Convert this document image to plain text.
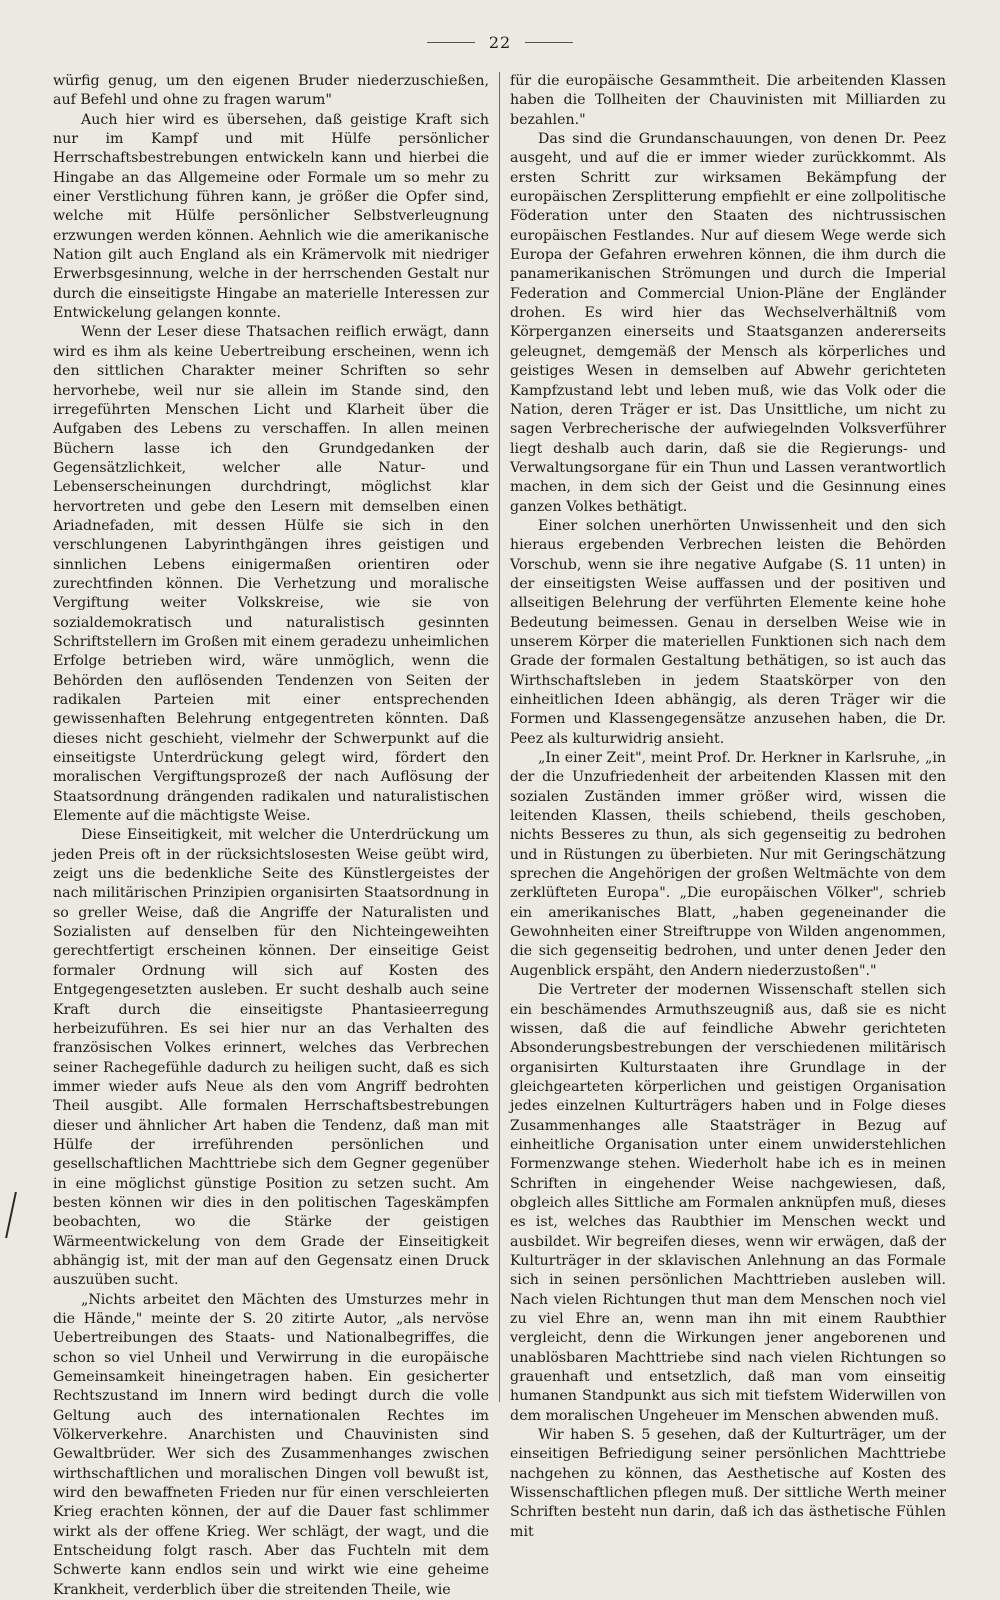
22

würfig genug, um den eigenen Bruder niederzuschießen, auf Befehl und ohne zu fragen warum"

Auch hier wird es übersehen, daß geistige Kraft sich nur im Kampf und mit Hülfe persönlicher Herrschaftsbestrebungen entwickeln kann und hierbei die Hingabe an das Allgemeine oder Formale um so mehr zu einer Verstlichung führen kann, je größer die Opfer sind, welche mit Hülfe persönlicher Selbstverleugnung erzwungen werden können. Aehnlich wie die amerikanische Nation gilt auch England als ein Krämervolk mit niedriger Erwerbsgesinnung, welche in der herrschenden Gestalt nur durch die einseitigste Hingabe an materielle Interessen zur Entwickelung gelangen konnte.

Wenn der Leser diese Thatsachen reiflich erwägt, dann wird es ihm als keine Uebertreibung erscheinen, wenn ich den sittlichen Charakter meiner Schriften so sehr hervorhebe, weil nur sie allein im Stande sind, den irregeführten Menschen Licht und Klarheit über die Aufgaben des Lebens zu verschaffen. In allen meinen Büchern lasse ich den Grundgedanken der Gegensätzlichkeit, welcher alle Natur- und Lebenserscheinungen durchdringt, möglichst klar hervortreten und gebe den Lesern mit demselben einen Ariadnefaden, mit dessen Hülfe sie sich in den verschlungenen Labyrinthgängen ihres geistigen und sinnlichen Lebens einigermaßen orientiren oder zurechtfinden können. Die Verhetzung und moralische Vergiftung weiter Volkskreise, wie sie von sozialdemokratisch und naturalistisch gesinnten Schriftstellern im Großen mit einem geradezu unheimlichen Erfolge betrieben wird, wäre unmöglich, wenn die Behörden den auflösenden Tendenzen von Seiten der radikalen Parteien mit einer entsprechenden gewissenhaften Belehrung entgegentreten könnten. Daß dieses nicht geschieht, vielmehr der Schwerpunkt auf die einseitigste Unterdrückung gelegt wird, fördert den moralischen Vergiftungsprozeß der nach Auflösung der Staatsordnung drängenden radikalen und naturalistischen Elemente auf die mächtigste Weise.

Diese Einseitigkeit, mit welcher die Unterdrückung um jeden Preis oft in der rücksichtslosesten Weise geübt wird, zeigt uns die bedenkliche Seite des Künstlergeistes der nach militärischen Prinzipien organisirten Staatsordnung in so greller Weise, daß die Angriffe der Naturalisten und Sozialisten auf denselben für den Nichteingeweihten gerechtfertigt erscheinen können. Der einseitige Geist formaler Ordnung will sich auf Kosten des Entgegengesetzten ausleben. Er sucht deshalb auch seine Kraft durch die einseitigste Phantasieerregung herbeizuführen. Es sei hier nur an das Verhalten des französischen Volkes erinnert, welches das Verbrechen seiner Rachegefühle dadurch zu heiligen sucht, daß es sich immer wieder aufs Neue als den vom Angriff bedrohten Theil ausgibt. Alle formalen Herrschaftsbestrebungen dieser und ähnlicher Art haben die Tendenz, daß man mit Hülfe der irreführenden persönlichen und gesellschaftlichen Machttriebe sich dem Gegner gegenüber in eine möglichst günstige Position zu setzen sucht. Am besten können wir dies in den politischen Tageskämpfen beobachten, wo die Stärke der geistigen Wärmeentwickelung von dem Grade der Einseitigkeit abhängig ist, mit der man auf den Gegensatz einen Druck auszuüben sucht.

„Nichts arbeitet den Mächten des Umsturzes mehr in die Hände," meinte der S. 20 zitirte Autor, „als nervöse Uebertreibungen des Staats- und Nationalbegriffes, die schon so viel Unheil und Verwirrung in die europäische Gemeinsamkeit hineingetragen haben. Ein gesicherter Rechtszustand im Innern wird bedingt durch die volle Geltung auch des internationalen Rechtes im Völkerverkehre. Anarchisten und Chauvinisten sind Gewaltbrüder. Wer sich des Zusammenhanges zwischen wirthschaftlichen und moralischen Dingen voll bewußt ist, wird den bewaffneten Frieden nur für einen verschleierten Krieg erachten können, der auf die Dauer fast schlimmer wirkt als der offene Krieg. Wer schlägt, der wagt, und die Entscheidung folgt rasch. Aber das Fuchteln mit dem Schwerte kann endlos sein und wirkt wie eine geheime Krankheit, verderblich über die streitenden Theile, wie

für die europäische Gesammtheit. Die arbeitenden Klassen haben die Tollheiten der Chauvinisten mit Milliarden zu bezahlen."

Das sind die Grundanschauungen, von denen Dr. Peez ausgeht, und auf die er immer wieder zurückkommt. Als ersten Schritt zur wirksamen Bekämpfung der europäischen Zersplitterung empfiehlt er eine zollpolitische Föderation unter den Staaten des nichtrussischen europäischen Festlandes. Nur auf diesem Wege werde sich Europa der Gefahren erwehren können, die ihm durch die panamerikanischen Strömungen und durch die Imperial Federation and Commercial Union-Pläne der Engländer drohen. Es wird hier das Wechselverhältniß vom Körperganzen einerseits und Staatsganzen andererseits geleugnet, demgemäß der Mensch als körperliches und geistiges Wesen in demselben auf Abwehr gerichteten Kampfzustand lebt und leben muß, wie das Volk oder die Nation, deren Träger er ist. Das Unsittliche, um nicht zu sagen Verbrecherische der aufwiegelnden Volksverführer liegt deshalb auch darin, daß sie die Regierungs- und Verwaltungsorgane für ein Thun und Lassen verantwortlich machen, in dem sich der Geist und die Gesinnung eines ganzen Volkes bethätigt.

Einer solchen unerhörten Unwissenheit und den sich hieraus ergebenden Verbrechen leisten die Behörden Vorschub, wenn sie ihre negative Aufgabe (S. 11 unten) in der einseitigsten Weise auffassen und der positiven und allseitigen Belehrung der verführten Elemente keine hohe Bedeutung beimessen. Genau in derselben Weise wie in unserem Körper die materiellen Funktionen sich nach dem Grade der formalen Gestaltung bethätigen, so ist auch das Wirthschaftsleben in jedem Staatskörper von den einheitlichen Ideen abhängig, als deren Träger wir die Formen und Klassengegensätze anzusehen haben, die Dr. Peez als kulturwidrig ansieht.

„In einer Zeit", meint Prof. Dr. Herkner in Karlsruhe, „in der die Unzufriedenheit der arbeitenden Klassen mit den sozialen Zuständen immer größer wird, wissen die leitenden Klassen, theils schiebend, theils geschoben, nichts Besseres zu thun, als sich gegenseitig zu bedrohen und in Rüstungen zu überbieten. Nur mit Geringschätzung sprechen die Angehörigen der großen Weltmächte von dem zerklüfteten Europa". „Die europäischen Völker", schrieb ein amerikanisches Blatt, „haben gegeneinander die Gewohnheiten einer Streiftruppe von Wilden angenommen, die sich gegenseitig bedrohen, und unter denen Jeder den Augenblick erspäht, den Andern niederzustoßen"."

Die Vertreter der modernen Wissenschaft stellen sich ein beschämendes Armuthszeugniß aus, daß sie es nicht wissen, daß die auf feindliche Abwehr gerichteten Absonderungsbestrebungen der verschiedenen militärisch organisirten Kulturstaaten ihre Grundlage in der gleichgearteten körperlichen und geistigen Organisation jedes einzelnen Kulturträgers haben und in Folge dieses Zusammenhanges alle Staatsträger in Bezug auf einheitliche Organisation unter einem unwiderstehlichen Formenzwange stehen. Wiederholt habe ich es in meinen Schriften in eingehender Weise nachgewiesen, daß, obgleich alles Sittliche am Formalen anknüpfen muß, dieses es ist, welches das Raubthier im Menschen weckt und ausbildet. Wir begreifen dieses, wenn wir erwägen, daß der Kulturträger in der sklavischen Anlehnung an das Formale sich in seinen persönlichen Machttrieben ausleben will. Nach vielen Richtungen thut man dem Menschen noch viel zu viel Ehre an, wenn man ihn mit einem Raubthier vergleicht, denn die Wirkungen jener angeborenen und unablösbaren Machttriebe sind nach vielen Richtungen so grauenhaft und entsetzlich, daß man vom einseitig humanen Standpunkt aus sich mit tiefstem Widerwillen von dem moralischen Ungeheuer im Menschen abwenden muß.

Wir haben S. 5 gesehen, daß der Kulturträger, um der einseitigen Befriedigung seiner persönlichen Machttriebe nachgehen zu können, das Aesthetische auf Kosten des Wissenschaftlichen pflegen muß. Der sittliche Werth meiner Schriften besteht nun darin, daß ich das ästhetische Fühlen mit
